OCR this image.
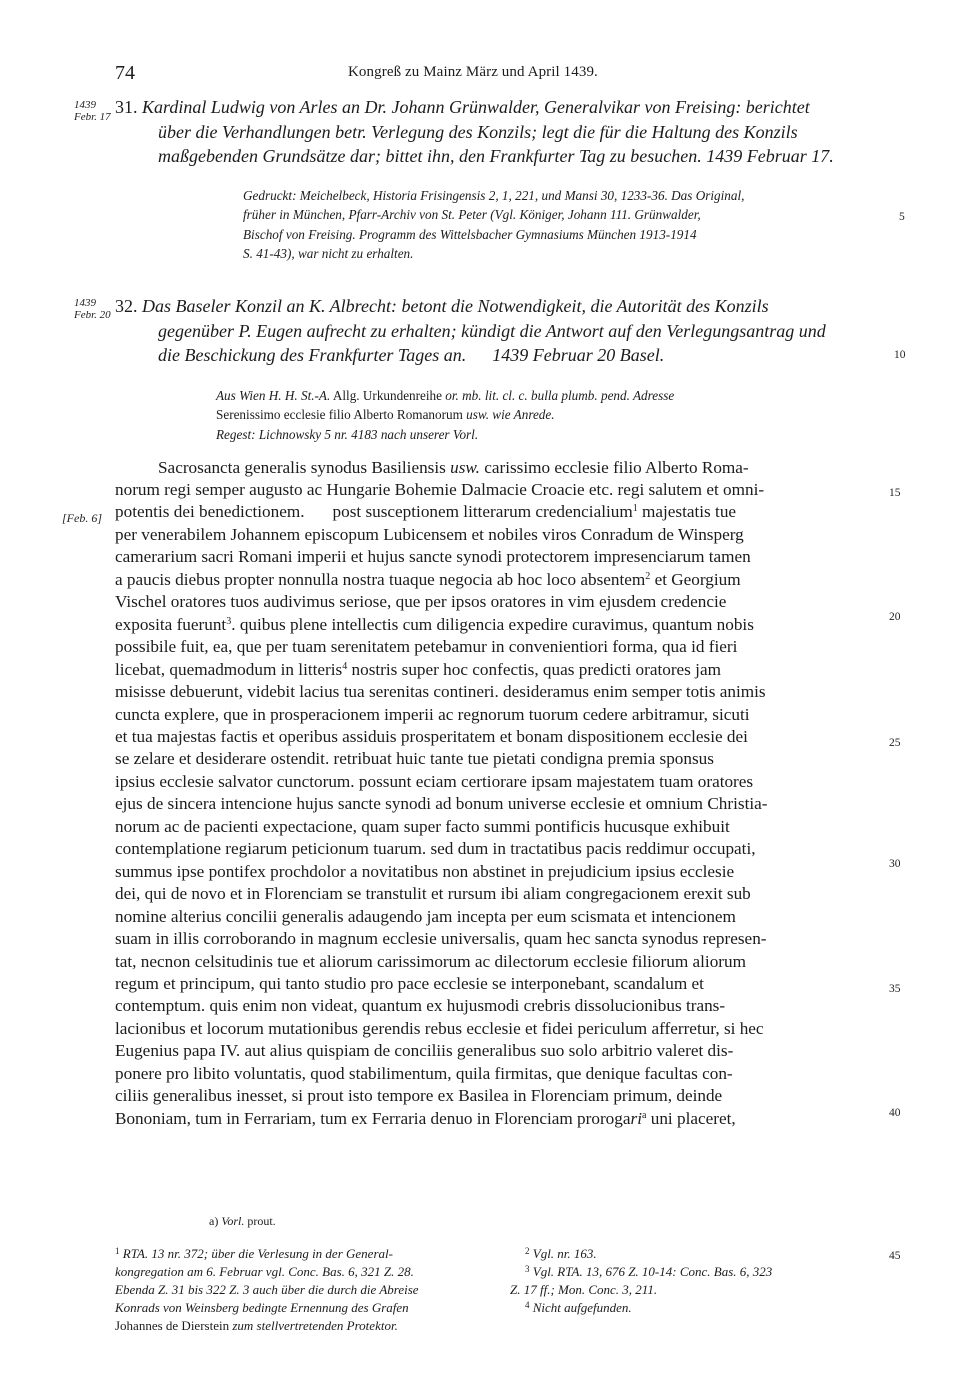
74	Kongreß zu Mainz März und April 1439.
1439
Febr. 17 31. Kardinal Ludwig von Arles an Dr. Johann Grünwalder, Generalvikar von Freising: berichtet
über die Verhandlungen betr. Verlegung des Konzils; legt die für die Haltung des Konzils
maßgebenden Grundsätze dar; bittet ihn, den Frankfurter Tag zu besuchen. 1439 Februar 17.
Gedruckt: Meichelbeck, Historia Frisingensis 2, 1, 221, und Mansi 30, 1233-36. Das Original,
früher in München, Pfarr-Archiv von St. Peter (Vgl. Königer, Johann 111. Grünwalder,
Bischof von Freising. Programm des Wittelsbacher Gymnasiums München 1913-1914
S. 41-43), war nicht zu erhalten.
5
1439
Febr. 20 32. Das Baseler Konzil an K. Albrecht: betont die Notwendigkeit, die Autorität des Konzils
gegenüber P. Eugen aufrecht zu erhalten; kündigt die Antwort auf den Verlegungsantrag und
die Beschickung des Frankfurter Tages an. 1439 Februar 20 Basel.	10
Aus Wien H. H. St.-A. Allg. Urkundenreihe or. mb. lit. cl. c. bulla plumb. pend. Adresse
Serenissimo ecclesie filio Alberto Romanorum usw. wie Anrede.
Regest: Lichnowsky 5 nr. 4183 nach unserer Vorl.
Sacrosancta generalis synodus Basiliensis usw. carissimo ecclesie filio Alberto Roma-
norum regi semper augusto ac Hungarie Bohemie Dalmacie Croacie etc. regi salutem et omni-
potentis dei benedictionem. post susceptionem litterarum credencialium$^1$ majestatis tue
per venerabilem Johannem episcopum Lubicensem et nobiles viros Conradum de Winsperg
camerarium sacri Romani imperii et hujus sancte synodi protectorem impresenciarum tamen
a paucis diebus propter nonnulla nostra tuaque negocia ab hoc loco absentem$^2$ et Georgium
Vischel oratores tuos audivimus seriose, que per ipsos oratores in vim ejusdem credencie
exposita fuerunt$^3$. quibus plene intellectis cum diligencia expedire curavimus, quantum nobis
possibile fuit, ea, que per tuam serenitatem petebamur in convenientiori forma, qua id fieri
licebat, quemadmodum in litteris$^4$ nostris super hoc confectis, quas predicti oratores jam
misisse debuerunt, videbit lacius tua serenitas contineri. desideramus enim semper totis animis
cuncta explere, que in prosperacionem imperii ac regnorum tuorum cedere arbitramur, sicuti
et tua majestas factis et operibus assiduis prosperitatem et bonam dispositionem ecclesie dei
se zelare et desiderare ostendit. retribuat huic tante tue pietati condigna premia sponsus
ipsius ecclesie salvator cunctorum. possunt eciam certiorare ipsam majestatem tuam oratores
ejus de sincera intencione hujus sancte synodi ad bonum universe ecclesie et omnium Christia-
norum ac de pacienti expectacione, quam super facto summi pontificis hucusque exhibuit
contemplatione regiarum peticionum tuarum. sed dum in tractatibus pacis reddimur occupati,
summus ipse pontifex prochdolor a novitatibus non abstinet in prejudicium ipsius ecclesie
dei, qui de novo et in Florenciam se transtulit et rursum ibi aliam congregacionem erexit sub
nomine alterius concilii generalis adaugendo jam incepta per eum scismata et intencionem
suam in illis corroborando in magnum ecclesie universalis, quam hec sancta synodus represen-
tat, necnon celsitudinis tue et aliorum carissimorum ac dilectorum ecclesie filiorum aliorum
regum et principum, qui tanto studio pro pace ecclesie se interponebant, scandalum et
contemptum. quis enim non videat, quantum ex hujusmodi crebris dissolucionibus trans-
lacionibus et locorum mutationibus gerendis rebus ecclesie et fidei periculum afferretur, si hec
Eugenius papa IV. aut alius quispiam de conciliis generalibus suo solo arbitrio valeret dis-
ponere pro libito voluntatis, quod stabilimentum, quila firmitas, que denique facultas con-
ciliis generalibus inesset, si prout isto tempore ex Basilea in Florenciam primum, deinde
Bononiam, tum in Ferrariam, tum ex Ferraria denuo in Florenciam prorogari$^a$ uni placeret,
[Feb. 6]
15
20
25
30
35
40
45
a) Vorl. prout.
$^1$ RTA. 13 nr. 372; über die Verlesung in der General-
kongregation am 6. Februar vgl. Conc. Bas. 6, 321 Z. 28.
Ebenda Z. 31 bis 322 Z. 3 auch über die durch die Abreise
Konrads von Weinsberg bedingte Ernennung des Grafen
Johannes de Dierstein zum stellvertretenden Protektor.
$^2$ Vgl. nr. 163.
$^3$ Vgl. RTA. 13, 676 Z. 10-14: Conc. Bas. 6, 323
Z. 17 ff.; Mon. Conc. 3, 211.
$^4$ Nicht aufgefunden.
